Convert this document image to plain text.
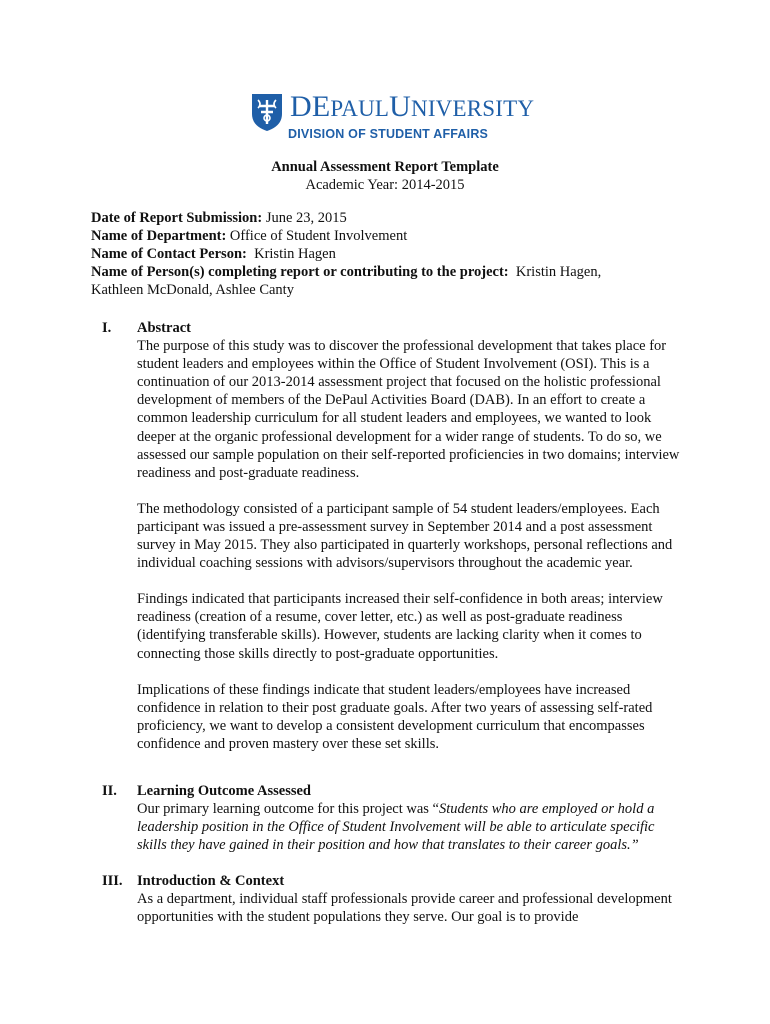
DEPAULUNIVERSITY
DIVISION OF STUDENT AFFAIRS
Annual Assessment Report Template
Academic Year: 2014-2015
Date of Report Submission: June 23, 2015
Name of Department: Office of Student Involvement
Name of Contact Person:  Kristin Hagen
Name of Person(s) completing report or contributing to the project:  Kristin Hagen,
Kathleen McDonald, Ashlee Canty
I. Abstract

The purpose of this study was to discover the professional development that takes place for student leaders and employees within the Office of Student Involvement (OSI). This is a continuation of our 2013-2014 assessment project that focused on the holistic professional development of members of the DePaul Activities Board (DAB). In an effort to create a common leadership curriculum for all student leaders and employees, we wanted to look deeper at the organic professional development for a wider range of students. To do so, we assessed our sample population on their self-reported proficiencies in two domains; interview readiness and post-graduate readiness.

The methodology consisted of a participant sample of 54 student leaders/employees. Each participant was issued a pre-assessment survey in September 2014 and a post assessment survey in May 2015. They also participated in quarterly workshops, personal reflections and individual coaching sessions with advisors/supervisors throughout the academic year.

Findings indicated that participants increased their self-confidence in both areas; interview readiness (creation of a resume, cover letter, etc.) as well as post-graduate readiness (identifying transferable skills). However, students are lacking clarity when it comes to connecting those skills directly to post-graduate opportunities.

Implications of these findings indicate that student leaders/employees have increased confidence in relation to their post graduate goals. After two years of assessing self-rated proficiency, we want to develop a consistent development curriculum that encompasses confidence and proven mastery over these set skills.

II. Learning Outcome Assessed

Our primary learning outcome for this project was “Students who are employed or hold a leadership position in the Office of Student Involvement will be able to articulate specific skills they have gained in their position and how that translates to their career goals.”

III. Introduction & Context

As a department, individual staff professionals provide career and professional development opportunities with the student populations they serve. Our goal is to provide
